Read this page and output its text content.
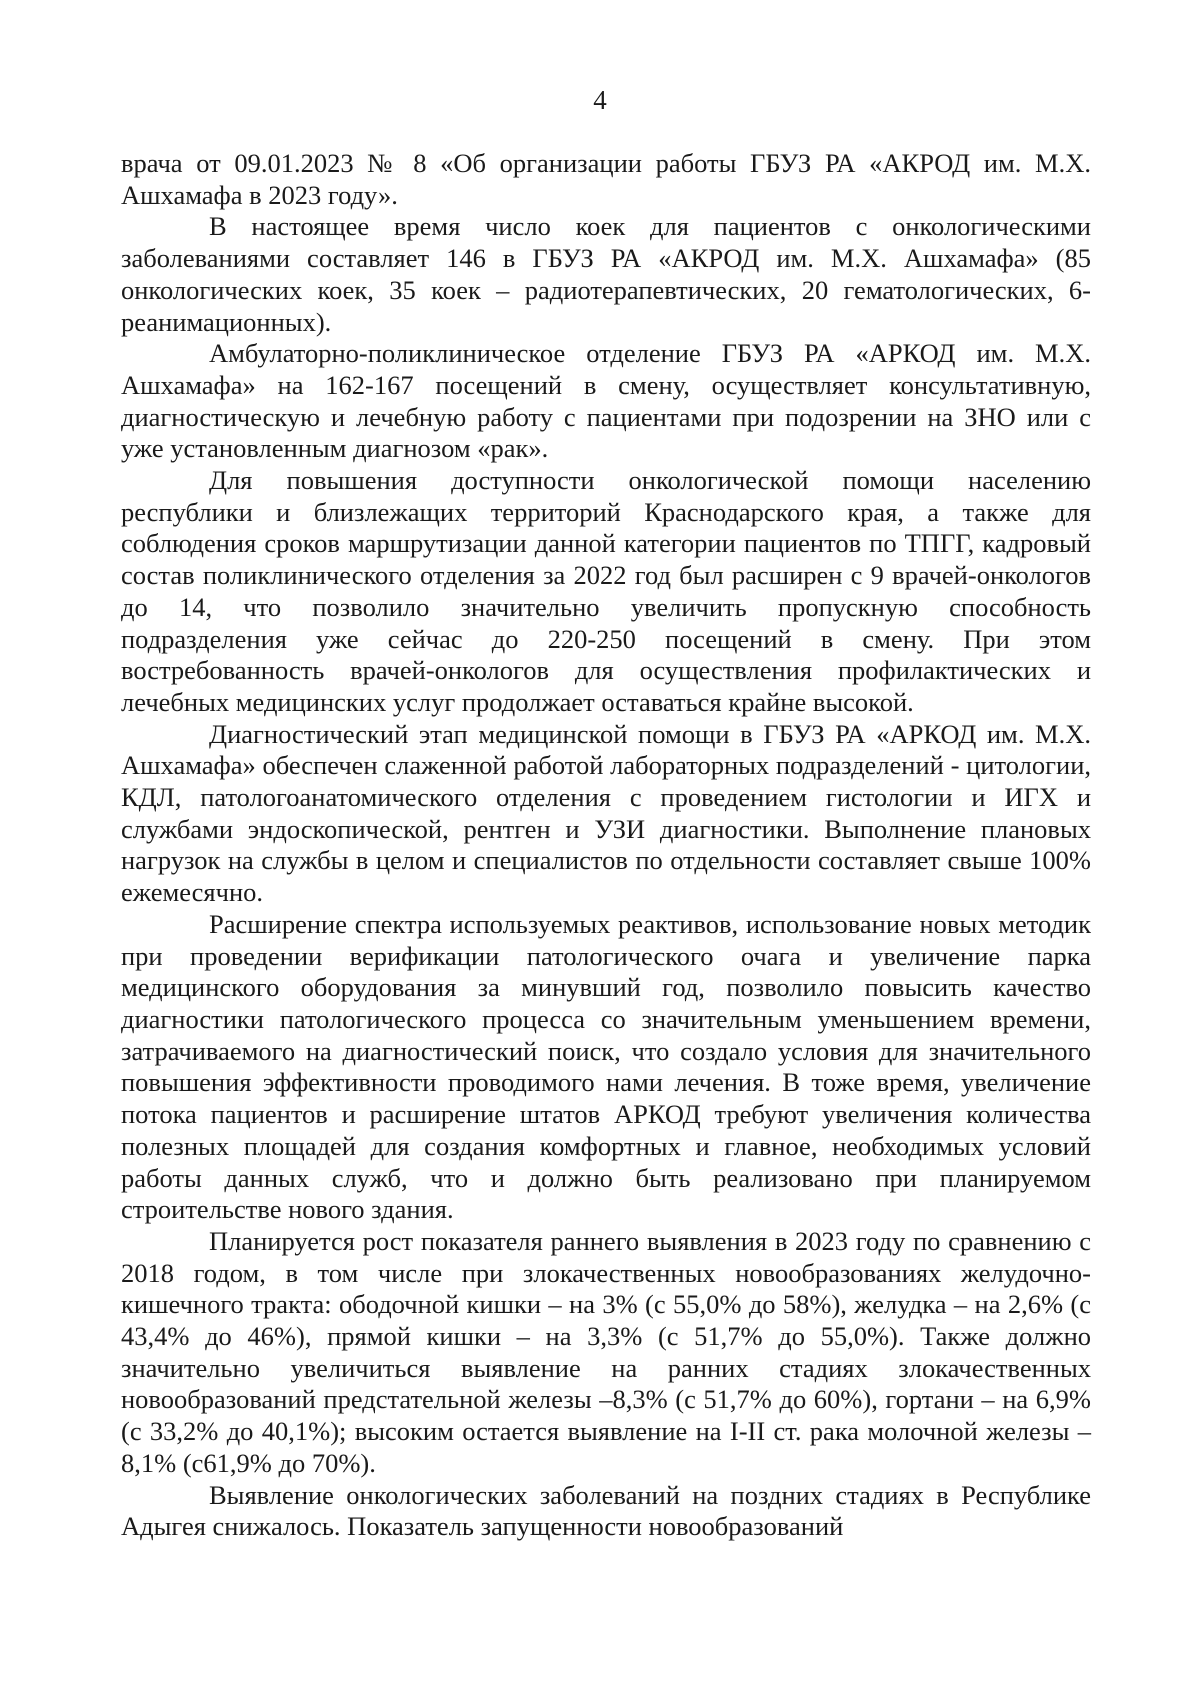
4

врача от 09.01.2023 № 8 «Об организации работы ГБУЗ РА «АКРОД им. М.Х. Ашхамафа в 2023 году».

В настоящее время число коек для пациентов с онкологическими заболеваниями составляет 146 в ГБУЗ РА «АКРОД им. М.Х. Ашхамафа» (85 онкологических коек, 35 коек – радиотерапевтических, 20 гематологических, 6-реанимационных).

Амбулаторно-поликлиническое отделение ГБУЗ РА «АРКОД им. М.Х. Ашхамафа» на 162-167 посещений в смену, осуществляет консультативную, диагностическую и лечебную работу с пациентами при подозрении на ЗНО или с уже установленным диагнозом «рак».

Для повышения доступности онкологической помощи населению республики и близлежащих территорий Краснодарского края, а также для соблюдения сроков маршрутизации данной категории пациентов по ТПГГ, кадровый состав поликлинического отделения за 2022 год был расширен с 9 врачей-онкологов до 14, что позволило значительно увеличить пропускную способность подразделения уже сейчас до 220-250 посещений в смену. При этом востребованность врачей-онкологов для осуществления профилактических и лечебных медицинских услуг продолжает оставаться крайне высокой.

Диагностический этап медицинской помощи в ГБУЗ РА «АРКОД им. М.Х. Ашхамафа» обеспечен слаженной работой лабораторных подразделений - цитологии, КДЛ, патологоанатомического отделения с проведением гистологии и ИГХ и службами эндоскопической, рентген и УЗИ диагностики. Выполнение плановых нагрузок на службы в целом и специалистов по отдельности составляет свыше 100% ежемесячно.

Расширение спектра используемых реактивов, использование новых методик при проведении верификации патологического очага и увеличение парка медицинского оборудования за минувший год, позволило повысить качество диагностики патологического процесса со значительным уменьшением времени, затрачиваемого на диагностический поиск, что создало условия для значительного повышения эффективности проводимого нами лечения. В тоже время, увеличение потока пациентов и расширение штатов АРКОД требуют увеличения количества полезных площадей для создания комфортных и главное, необходимых условий работы данных служб, что и должно быть реализовано при планируемом строительстве нового здания.

Планируется рост показателя раннего выявления в 2023 году по сравнению с 2018 годом, в том числе при злокачественных новообразованиях желудочно-кишечного тракта: ободочной кишки – на 3% (с 55,0% до 58%), желудка – на 2,6% (с 43,4% до 46%), прямой кишки – на 3,3% (с 51,7% до 55,0%). Также должно значительно увеличиться выявление на ранних стадиях злокачественных новообразований предстательной железы –8,3% (с 51,7% до 60%), гортани – на 6,9% (с 33,2% до 40,1%); высоким остается выявление на I-II ст. рака молочной железы –8,1% (с61,9% до 70%).

Выявление онкологических заболеваний на поздних стадиях в Республике Адыгея снижалось. Показатель запущенности новообразований
